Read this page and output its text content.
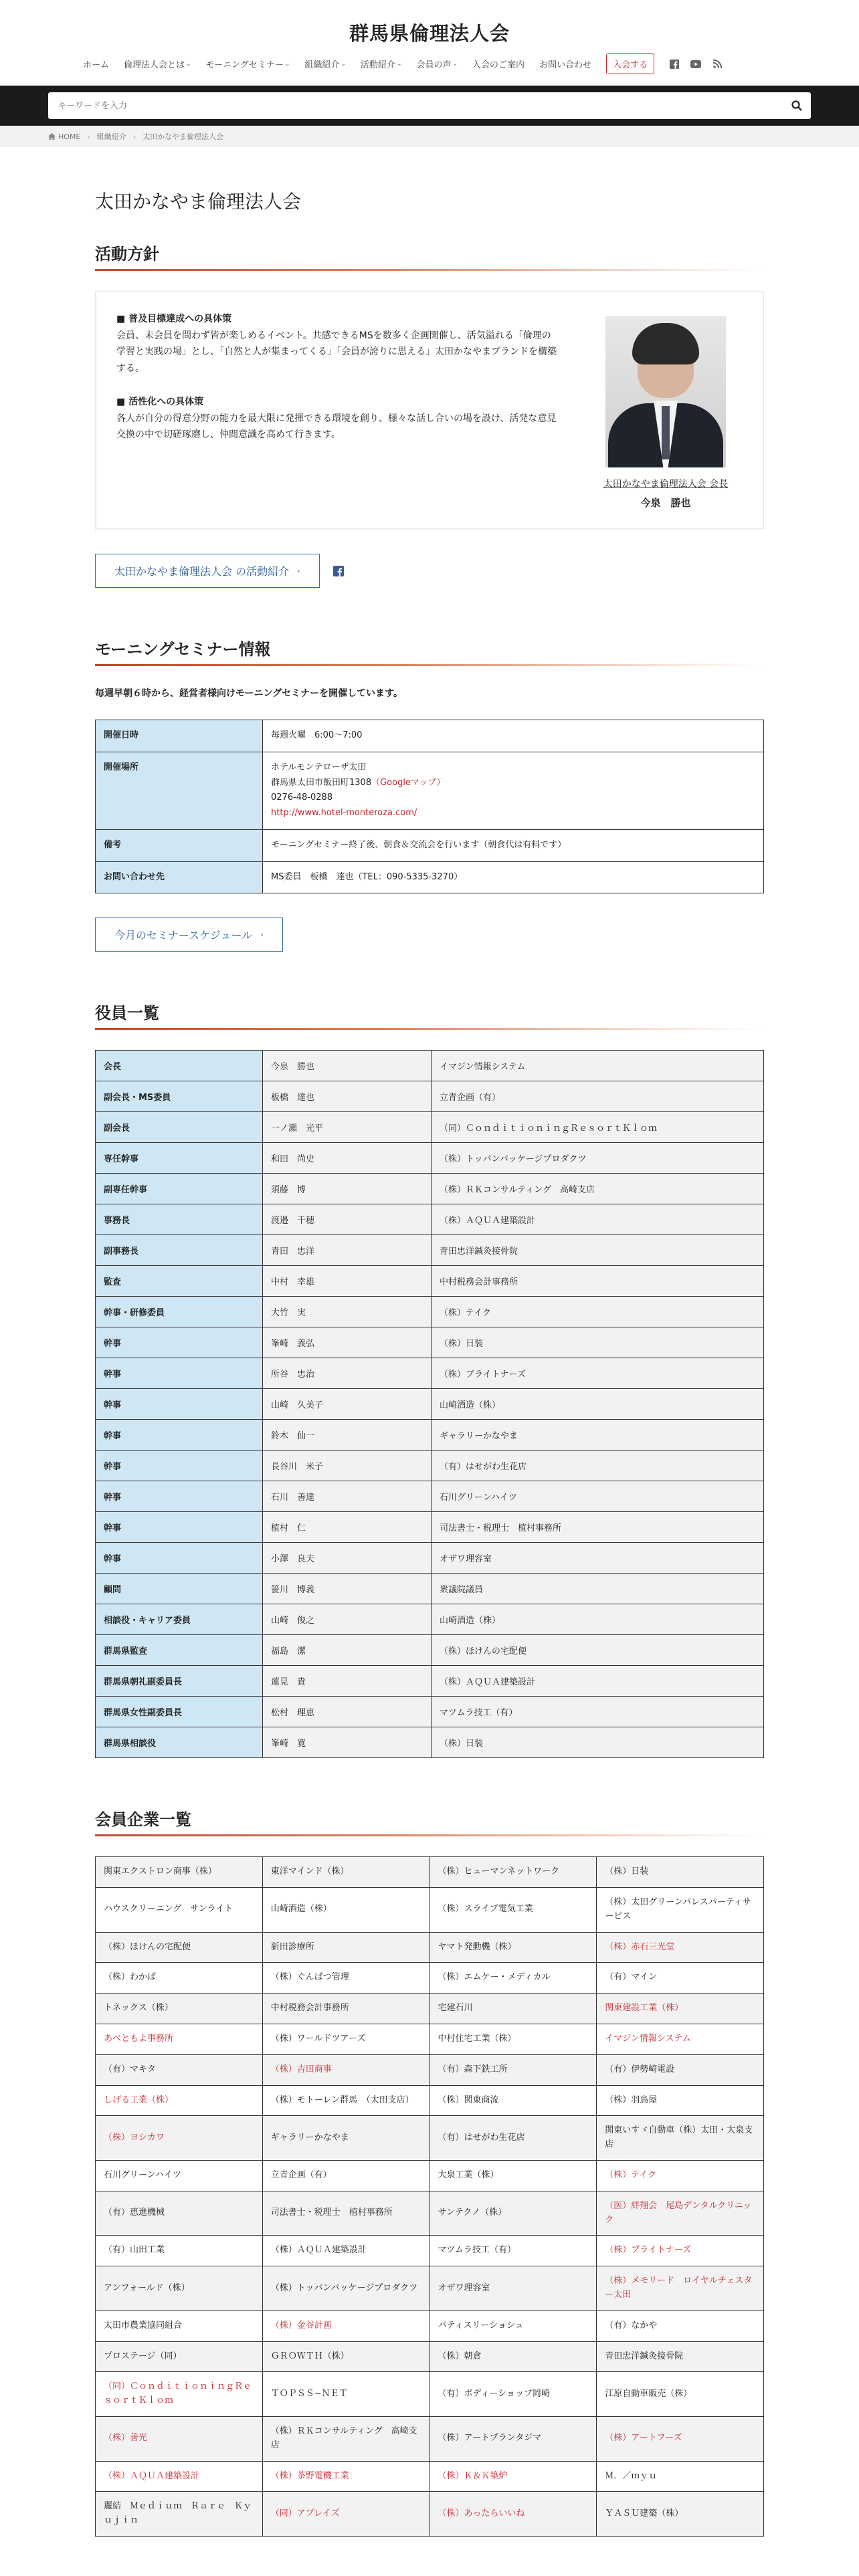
群馬県倫理法人会
ホーム 倫理法人会とは ⌄ モーニングセミナー ⌄ 組織紹介 ⌄ 活動紹介 ⌄ 会員の声 ⌄ 入会のご案内 お問い合わせ	入会する
キーワードを入力
HOME › 組織紹介 › 太田かなやま倫理法人会
太田かなやま倫理法人会
活動方針

■ 普及目標達成への具体策
会員、未会員を問わず皆が楽しめるイベント。共感できるMSを数多く企画開催し、活気溢れる「倫理の学習と実践の場」とし、「自然と人が集まってくる」「会員が誇りに思える」太田かなやまブランドを構築する。

■ 活性化への具体策
各人が自分の得意分野の能力を最大限に発揮できる環境を創り、様々な話し合いの場を設け、活発な意見交換の中で切磋琢磨し、仲間意識を高めて行きます。

太田かなやま倫理法人会 会長
今泉　勝也
太田かなやま倫理法人会 の活動紹介 ›
モーニングセミナー情報
毎週早朝６時から、経営者様向けモーニングセミナーを開催しています。
開催日時	毎週火曜　6:00～7:00
開催場所	ホテルモンテローザ太田
群馬県太田市飯田町1308（Googleマップ）
0276-48-0288
http://www.hotel-monteroza.com/
備考	モーニングセミナー終了後、朝食＆交流会を行います（朝食代は有料です）
お問い合わせ先	MS委員　板橋　達也（TEL：090-5335-3270）
今月のセミナースケジュール ›
役員一覧
会長	今泉　勝也	イマジン情報システム
副会長・MS委員	板橋　達也	立青企画（有）
副会長	一ノ瀬　光平	（同）ＣｏｎｄｉｔｉｏｎｉｎｇＲｅｓｏｒｔＫｌｏｍ
専任幹事	和田　尚史	（株）トッパンパッケージプロダクツ
副専任幹事	須藤　博	（株）ＲＫコンサルティング　高崎支店
事務長	渡邉　千穂	（株）ＡＱＵＡ建築設計
副事務長	青田　忠洋	青田忠洋鍼灸接骨院
監査	中村　幸雄	中村税務会計事務所
幹事・研修委員	大竹　実	（株）テイク
幹事	峯崎　義弘	（株）日装
幹事	所谷　忠治	（株）ブライトナーズ
幹事	山崎　久美子	山崎酒造（株）
幹事	鈴木　仙一	ギャラリーかなやま
幹事	長谷川　米子	（有）はせがわ生花店
幹事	石川　善達	石川グリーンハイツ
幹事	植村　仁	司法書士・税理士　植村事務所
幹事	小澤　良夫	オザワ理容室
顧問	笹川　博義	衆議院議員
相談役・キャリア委員	山崎　俊之	山崎酒造（株）
群馬県監査	福島　潔	（株）ほけんの宅配便
群馬県朝礼副委員長	蓮見　貴	（株）ＡＱＵＡ建築設計
群馬県女性副委員長	松村　理恵	マツムラ技工（有）
群馬県相談役	峯崎　寛	（株）日装
会員企業一覧
関東エクストロン商事（株）	東洋マインド（株）	（株）ヒューマンネットワーク	（株）日装
ハウスクリーニング　サンライト	山崎酒造（株）	（株）スライブ電気工業	（株）太田グリーンパレスパーティサービス
（株）ほけんの宅配便	新田診療所	ヤマト発動機（株）	（株）赤石三光堂
（株）わかば	（株）ぐんぱつ管理	（株）エムケー・メディカル	（有）マイン
トネックス（株）	中村税務会計事務所	宅建石川	関東建設工業（株）
あべともよ事務所	（株）ワールドツアーズ	中村住宅工業（株）	イマジン情報システム
（有）マキタ	（株）吉田商事	（有）森下鉄工所	（有）伊勢崎電設
しげる工業（株）	（株）モトーレン群馬　（太田支店）	（株）関東商流	（株）羽鳥屋
（株）ヨシカワ	ギャラリーかなやま	（有）はせがわ生花店	関東いすゞ自動車（株）太田・大泉支店
石川グリーンハイツ	立青企画（有）	大泉工業（株）	（株）テイク
（有）恵進機械	司法書士・税理士　植村事務所	サンテクノ（株）	（医）絆翔会　尾島デンタルクリニック
（有）山田工業	（株）ＡＱＵＡ建築設計	マツムラ技工（有）	（株）ブライトナーズ
アンフォールド（株）	（株）トッパンパッケージプロダクツ	オザワ理容室	（株）メモリード　ロイヤルチェスター太田
太田市農業協同組合	（株）金谷計画	パティスリーショシュ	（有）なかや
プロステージ（同）	ＧＲＯＷＴＨ（株）	（株）朝倉	青田忠洋鍼灸接骨院
（同）ＣｏｎｄｉｔｉｏｎｉｎｇＲｅｓｏｒｔＫｌｏｍ	ＴＯＰＳＳ−ＮＥＴ	（有）ボディーショップ岡崎	江原自動車販売（株）
（株）善光	（株）ＲＫコンサルティング　高崎支店	（株）アートプランタジマ	（株）アートフーズ
（株）ＡＱＵＡ建築設計	（株）茶野電機工業	（株）Ｋ＆Ｋ築炉	Ｍ．／ｍｙｕ
麗結　Ｍｅｄｉｕｍ　Ｒａｒｅ　Ｋｙｕｊｉｎ	（同）アプレイズ	（株）あったらいいね	ＹＡＳＵ建築（株）
